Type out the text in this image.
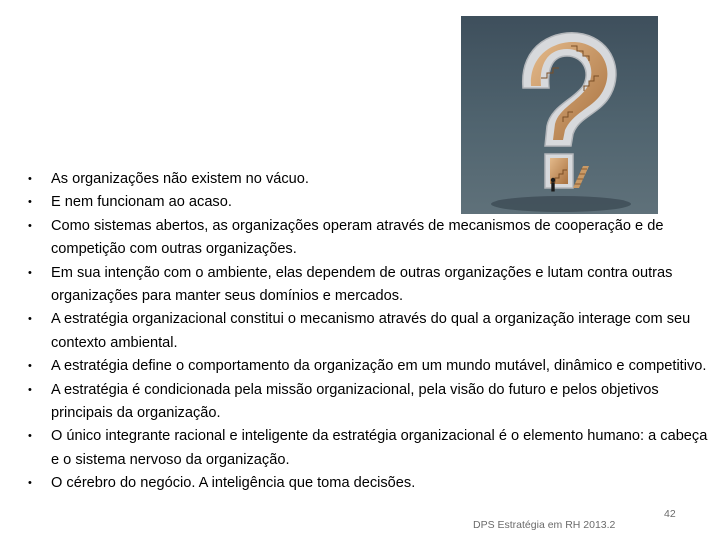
• As organizações não existem no vácuo.
• E nem funcionam ao acaso.
• Como sistemas abertos, as organizações operam através de mecanismos de cooperação e de competição com outras organizações.
• Em sua intenção com o ambiente, elas dependem de outras organizações e lutam contra outras organizações para manter seus domínios e mercados.
• A estratégia organizacional constitui o mecanismo através do qual a organização interage com seu contexto ambiental.
• A estratégia define o comportamento da organização em um mundo mutável, dinâmico e competitivo.
• A estratégia é condicionada pela missão organizacional, pela visão do futuro e pelos objetivos principais da organização.
• O único integrante racional e inteligente da estratégia organizacional é o elemento humano: a cabeça e o sistema nervoso da organização.
• O cérebro do negócio. A inteligência que toma decisões.
DPS Estratégia em RH 2013.2
42
